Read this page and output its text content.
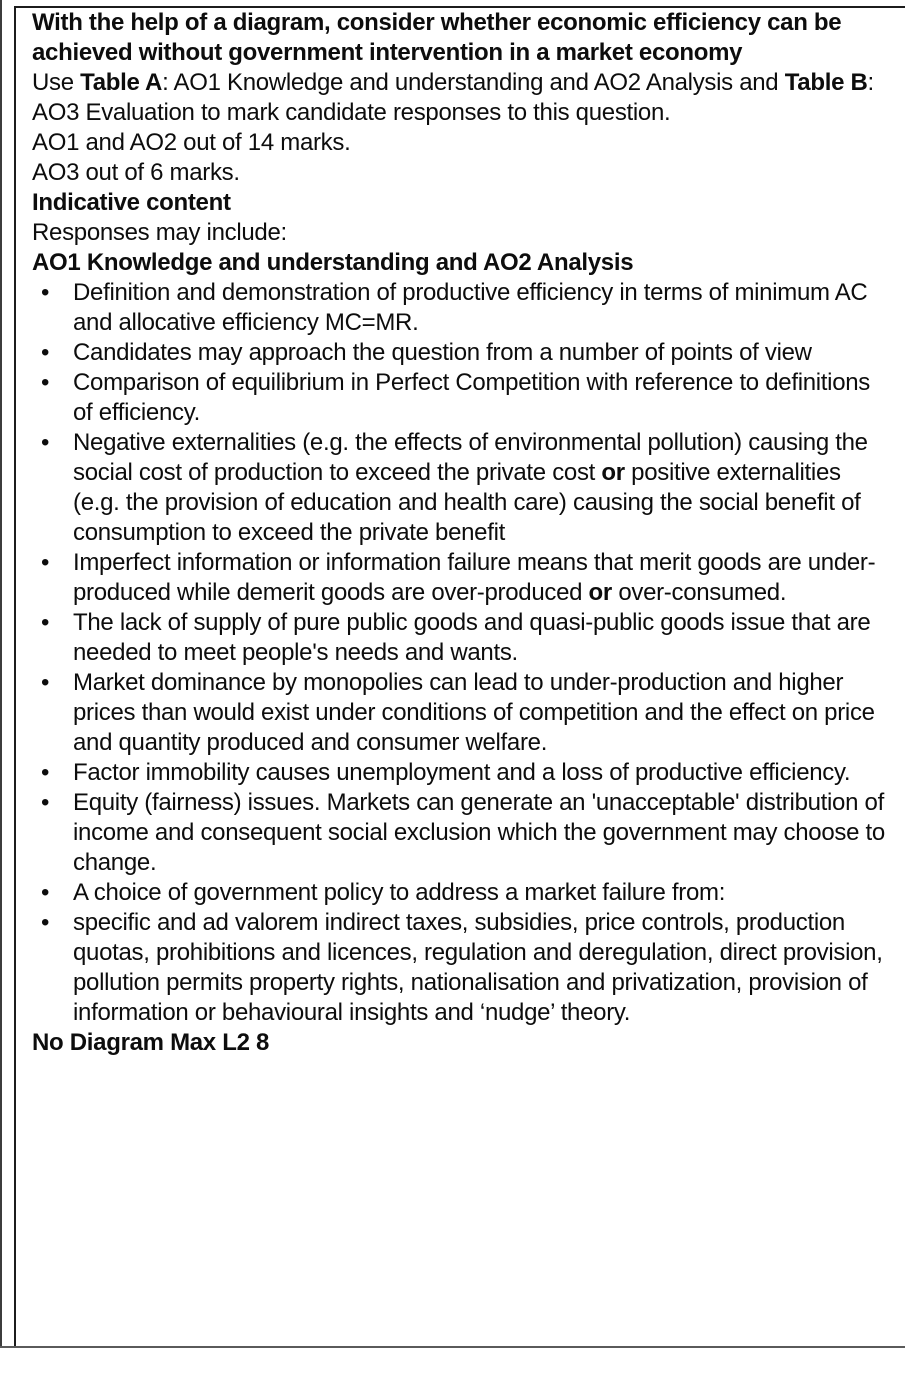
With the help of a diagram, consider whether economic efficiency can be achieved without government intervention in a market economy

Use Table A: AO1 Knowledge and understanding and AO2 Analysis and Table B: AO3 Evaluation to mark candidate responses to this question.

AO1 and AO2 out of 14 marks.
AO3 out of 6 marks.

Indicative content

Responses may include:

AO1 Knowledge and understanding and AO2 Analysis

• Definition and demonstration of productive efficiency in terms of minimum AC and allocative efficiency MC=MR.
• Candidates may approach the question from a number of points of view
• Comparison of equilibrium in Perfect Competition with reference to definitions of efficiency.
• Negative externalities (e.g. the effects of environmental pollution) causing the social cost of production to exceed the private cost or positive externalities (e.g. the provision of education and health care) causing the social benefit of consumption to exceed the private benefit
• Imperfect information or information failure means that merit goods are under-produced while demerit goods are over-produced or over-consumed.
• The lack of supply of pure public goods and quasi-public goods issue that are needed to meet people's needs and wants.
• Market dominance by monopolies can lead to under-production and higher prices than would exist under conditions of competition and the effect on price and quantity produced and consumer welfare.
• Factor immobility causes unemployment and a loss of productive efficiency.
• Equity (fairness) issues. Markets can generate an 'unacceptable' distribution of income and consequent social exclusion which the government may choose to change.
• A choice of government policy to address a market failure from:
• specific and ad valorem indirect taxes, subsidies, price controls, production quotas, prohibitions and licences, regulation and deregulation, direct provision, pollution permits property rights, nationalisation and privatization, provision of information or behavioural insights and ‘nudge’ theory.

No Diagram Max L2 8
